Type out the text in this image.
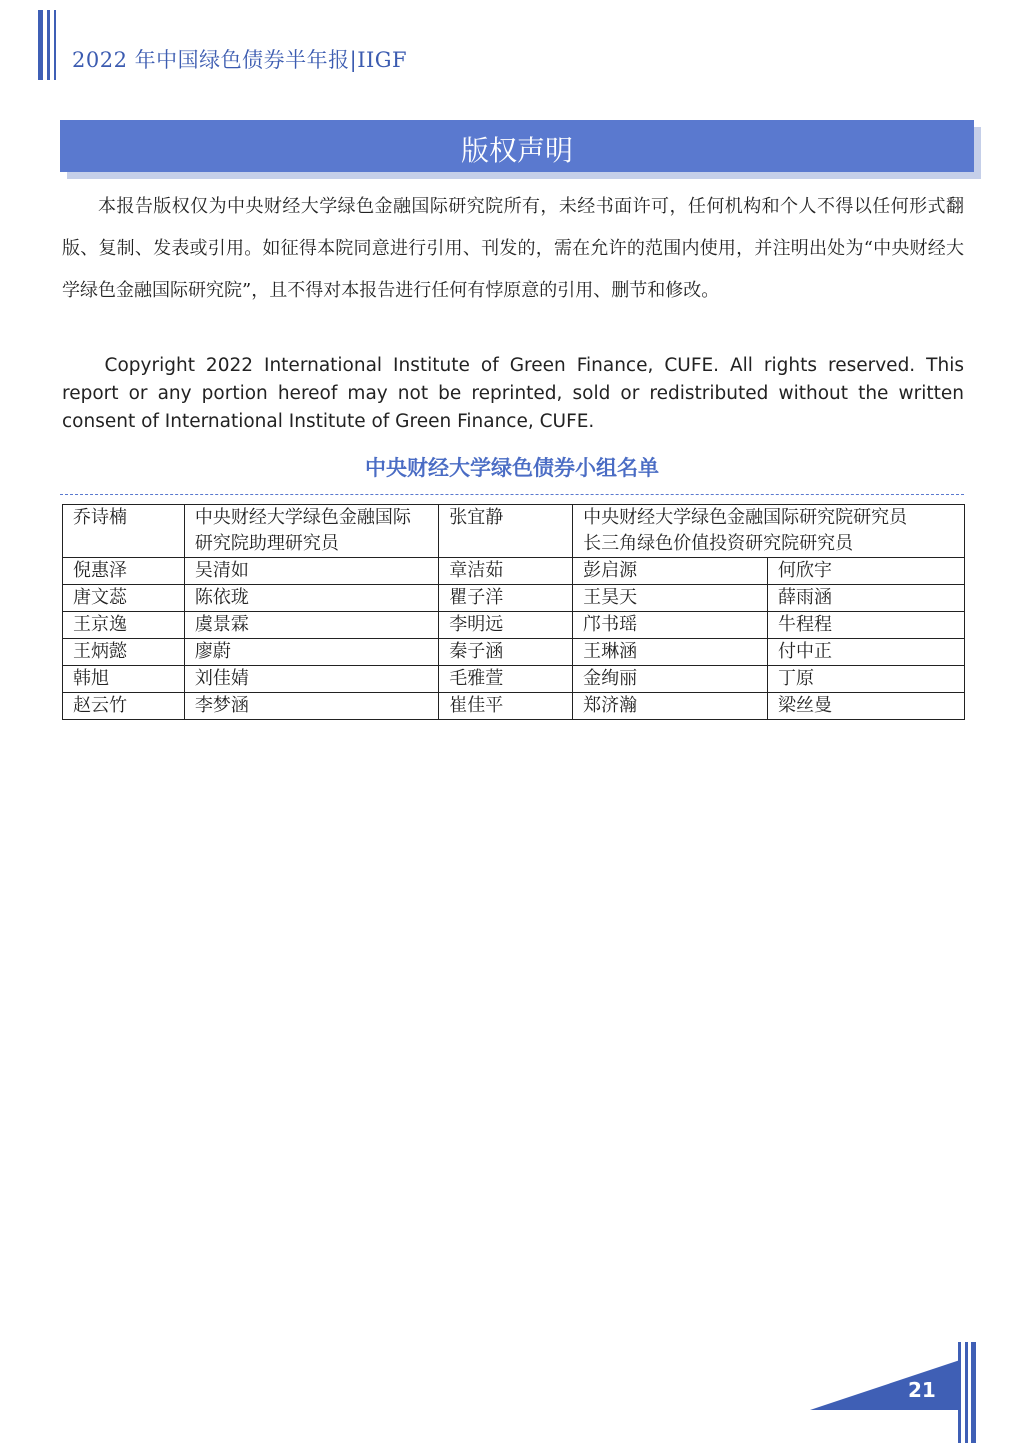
2022 年中国绿色债券半年报|IIGF
版权声明
本报告版权仅为中央财经大学绿色金融国际研究院所有，未经书面许可，任何机构和个人不得以任何形式翻版、复制、发表或引用。如征得本院同意进行引用、刊发的，需在允许的范围内使用，并注明出处为“中央财经大学绿色金融国际研究院”，且不得对本报告进行任何有悖原意的引用、删节和修改。
Copyright 2022 International Institute of Green Finance, CUFE. All rights reserved. This report or any portion hereof may not be reprinted, sold or redistributed without the written consent of International Institute of Green Finance, CUFE.
中央财经大学绿色债券小组名单
乔诗楠	中央财经大学绿色金融国际研究院助理研究员	张宜静	中央财经大学绿色金融国际研究院研究员
长三角绿色价值投资研究院研究员	

倪惠泽	吴清如	章洁茹	彭启源	何欣宇
唐文蕊	陈依珑	瞿子洋	王昊天	薛雨涵
王京逸	虞景霖	李明远	邝书瑶	牛程程
王炳懿	廖蔚	秦子涵	王琳涵	付中正
韩旭	刘佳婧	毛雅萱	金绚丽	丁原
赵云竹	李梦涵	崔佳平	郑济瀚	梁丝曼
21
